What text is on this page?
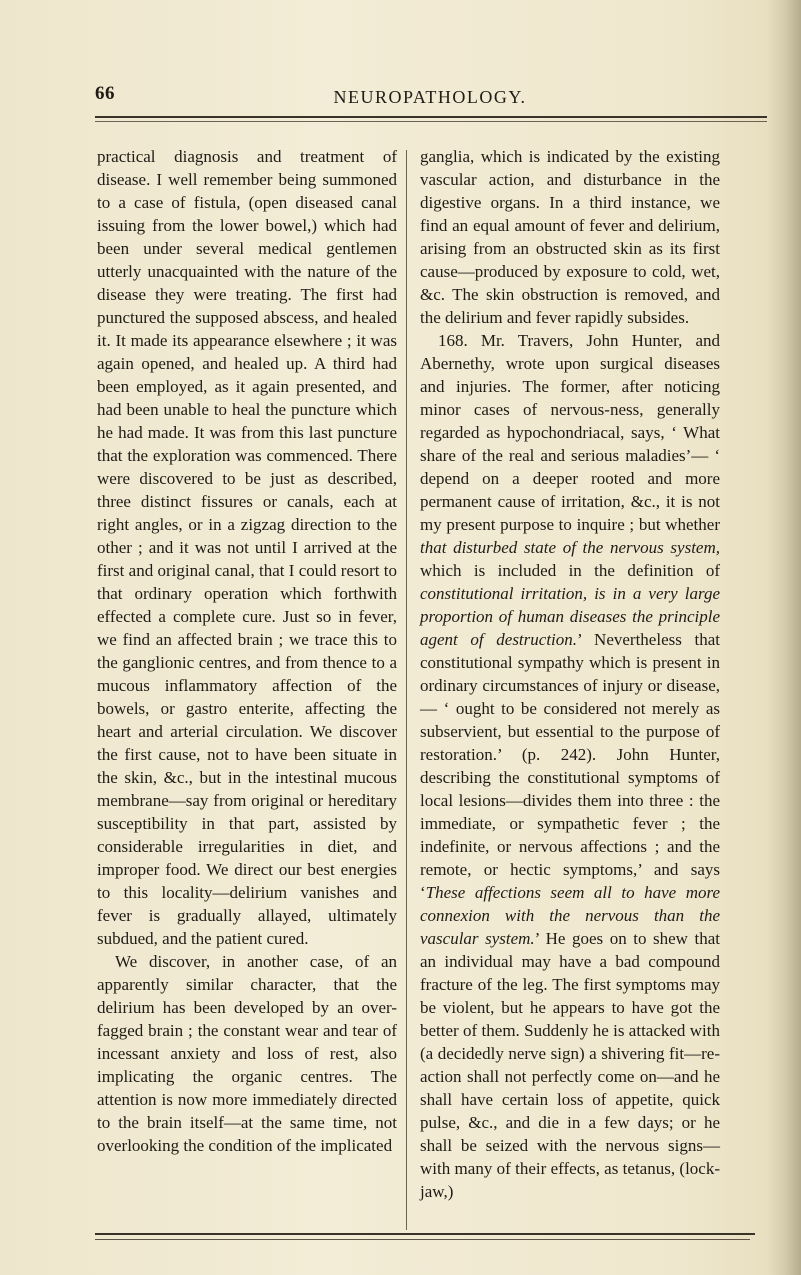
66	NEUROPATHOLOGY.

practical diagnosis and treatment of disease. I well remember being summoned to a case of fistula, (open diseased canal issuing from the lower bowel,) which had been under several medical gentlemen utterly unacquainted with the nature of the disease they were treating. The first had punctured the supposed abscess, and healed it. It made its appearance elsewhere ; it was again opened, and healed up. A third had been employed, as it again presented, and had been unable to heal the puncture which he had made. It was from this last puncture that the exploration was commenced. There were discovered to be just as described, three distinct fissures or canals, each at right angles, or in a zigzag direction to the other ; and it was not until I arrived at the first and original canal, that I could resort to that ordinary operation which forthwith effected a complete cure. Just so in fever, we find an affected brain ; we trace this to the ganglionic centres, and from thence to a mucous inflammatory affection of the bowels, or gastro enterite, affecting the heart and arterial circulation. We discover the first cause, not to have been situate in the skin, &c., but in the intestinal mucous membrane—say from original or hereditary susceptibility in that part, assisted by considerable irregularities in diet, and improper food. We direct our best energies to this locality—delirium vanishes and fever is gradually allayed, ultimately subdued, and the patient cured.

We discover, in another case, of an apparently similar character, that the delirium has been developed by an over-fagged brain ; the constant wear and tear of incessant anxiety and loss of rest, also implicating the organic centres. The attention is now more immediately directed to the brain itself—at the same time, not overlooking the condition of the implicated

ganglia, which is indicated by the existing vascular action, and disturbance in the digestive organs. In a third instance, we find an equal amount of fever and delirium, arising from an obstructed skin as its first cause—produced by exposure to cold, wet, &c. The skin obstruction is removed, and the delirium and fever rapidly subsides.

168. Mr. Travers, John Hunter, and Abernethy, wrote upon surgical diseases and injuries. The former, after noticing minor cases of nervous-ness, generally regarded as hypochondriacal, says, ‘ What share of the real and serious maladies’— ‘ depend on a deeper rooted and more permanent cause of irritation, &c., it is not my present purpose to inquire ; but whether that disturbed state of the nervous system, which is included in the definition of constitutional irritation, is in a very large proportion of human diseases the principle agent of destruction.’ Nevertheless that constitutional sympathy which is present in ordinary circumstances of injury or disease,— ‘ ought to be considered not merely as subservient, but essential to the purpose of restoration.’ (p. 242). John Hunter, describing the constitutional symptoms of local lesions—divides them into three : the immediate, or sympathetic fever ; the indefinite, or nervous affections ; and the remote, or hectic symptoms,’ and says ‘These affections seem all to have more connexion with the nervous than the vascular system.’ He goes on to shew that an individual may have a bad compound fracture of the leg. The first symptoms may be violent, but he appears to have got the better of them. Suddenly he is attacked with (a decidedly nerve sign) a shivering fit—re-action shall not perfectly come on—and he shall have certain loss of appetite, quick pulse, &c., and die in a few days; or he shall be seized with the nervous signs—with many of their effects, as tetanus, (lock-jaw,)
